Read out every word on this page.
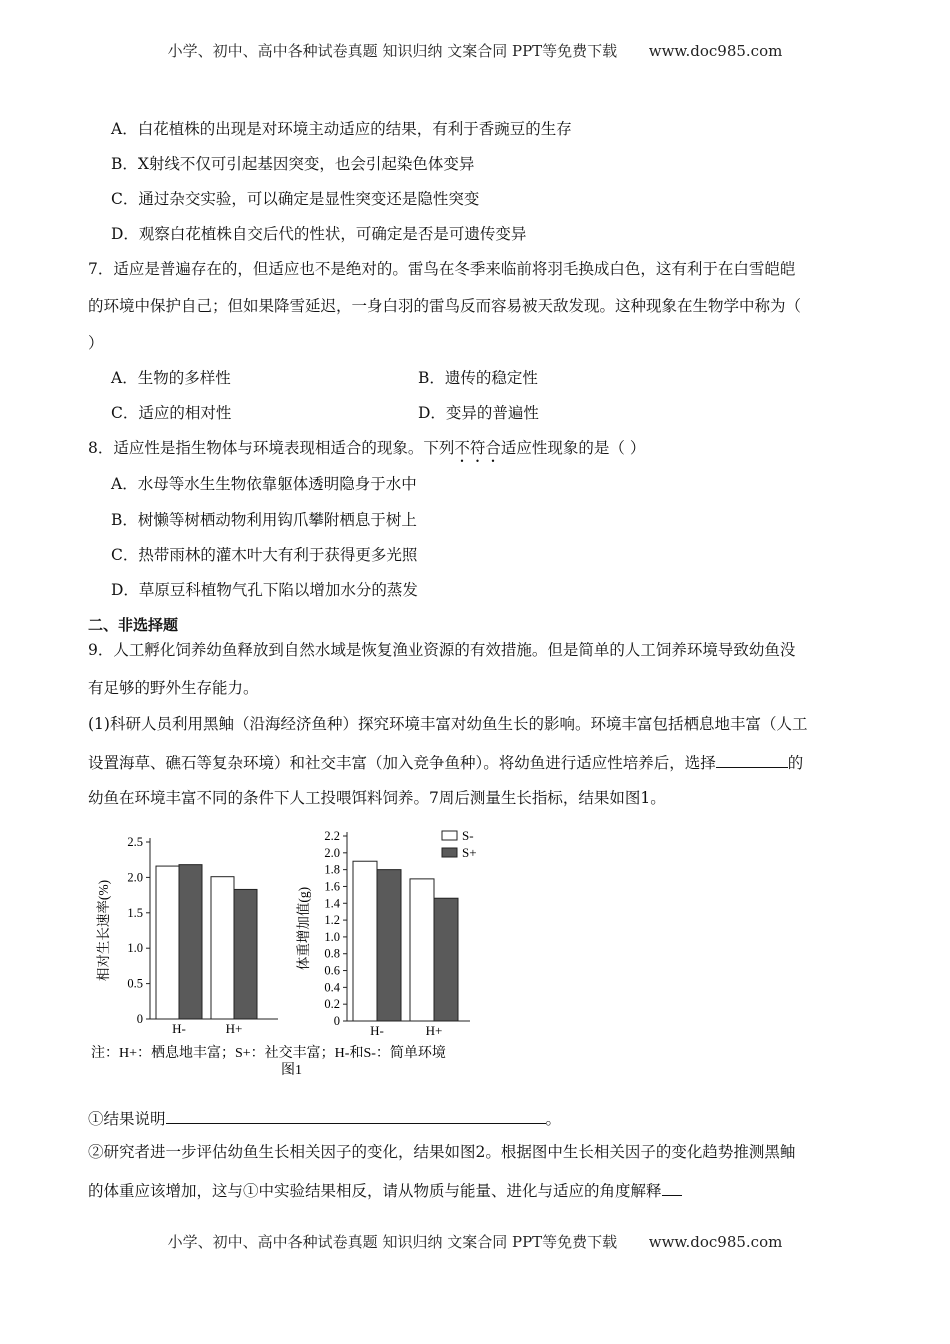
小学、初中、高中各种试卷真题 知识归纳 文案合同 PPT等免费下载 www.doc985.com
A．白花植株的出现是对环境主动适应的结果，有利于香豌豆的生存
B．X射线不仅可引起基因突变，也会引起染色体变异
C．通过杂交实验，可以确定是显性突变还是隐性突变
D．观察白花植株自交后代的性状，可确定是否是可遗传变异
7．适应是普遍存在的，但适应也不是绝对的。雷鸟在冬季来临前将羽毛换成白色，这有利于在白雪皑皑
的环境中保护自己；但如果降雪延迟，一身白羽的雷鸟反而容易被天敌发现。这种现象在生物学中称为（
）
A．生物的多样性	B．遗传的稳定性
C．适应的相对性	D．变异的普遍性
8．适应性是指生物体与环境表现相适合的现象。下列不符合适应性现象的是（ ）
A．水母等水生生物依靠躯体透明隐身于水中
B．树懒等树栖动物利用钩爪攀附栖息于树上
C．热带雨林的灌木叶大有利于获得更多光照
D．草原豆科植物气孔下陷以增加水分的蒸发
二、非选择题
9．人工孵化饲养幼鱼释放到自然水域是恢复渔业资源的有效措施。但是简单的人工饲养环境导致幼鱼没
有足够的野外生存能力。
(1)科研人员利用黑鲉（沿海经济鱼种）探究环境丰富对幼鱼生长的影响。环境丰富包括栖息地丰富（人工
设置海草、礁石等复杂环境）和社交丰富（加入竞争鱼种）。将幼鱼进行适应性培养后，选择	的
幼鱼在环境丰富不同的条件下人工投喂饵料饲养。7周后测量生长指标，结果如图1。
0
0.5
1.0
1.5
2.0
2.5
H-	H+
相对生长速率(%)
0
0.2
0.4
0.6
0.8
1.0
1.2
1.4
1.6
1.8
2.0
2.2
H-	H+
体重增加值(g)
S-
S+
注：H+：栖息地丰富；S+：社交丰富；H-和S-：简单环境
图1
①结果说明	。
②研究者进一步评估幼鱼生长相关因子的变化，结果如图2。根据图中生长相关因子的变化趋势推测黑鲉
的体重应该增加，这与①中实验结果相反，请从物质与能量、进化与适应的角度解释
小学、初中、高中各种试卷真题 知识归纳 文案合同 PPT等免费下载 www.doc985.com
